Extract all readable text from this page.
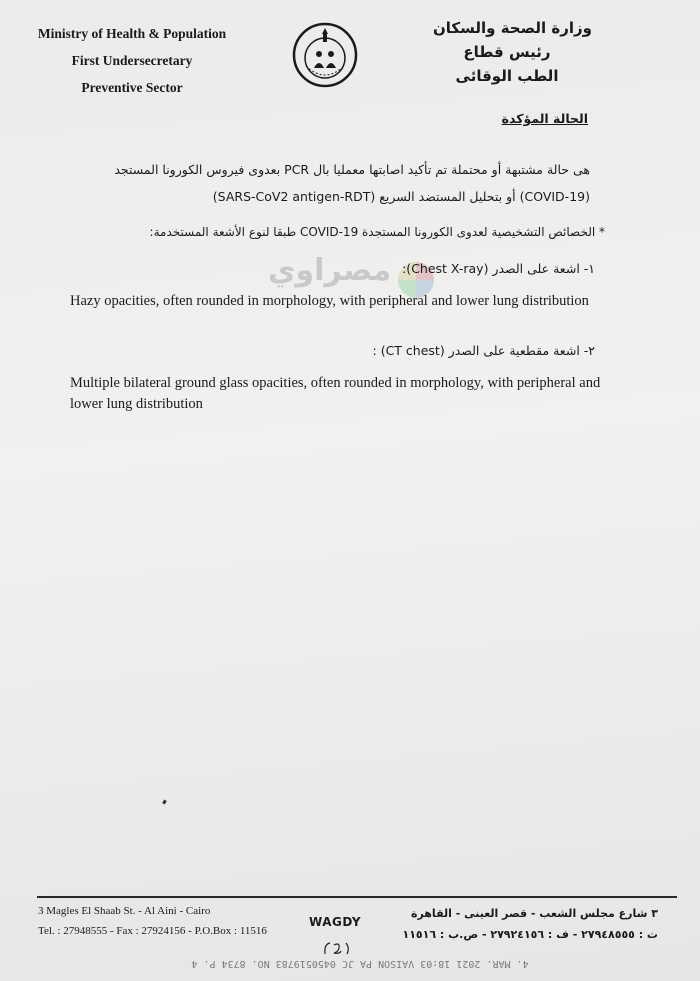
Ministry of Health & Population
First Undersecretary
Preventive Sector
وزارة الصحة والسكان
رئيس قطاع
الطب الوقائى
الحالة المؤكدة
هى حالة مشتبهة أو محتملة تم تأكيد اصابتها معمليا بال PCR بعدوى فيروس الكورونا المستجد
(COVID-19) أو بتحليل المستضد السريع (SARS-CoV2 antigen-RDT)
* الخصائص التشخيصية لعدوى الكورونا المستجدة COVID-19 طبقا لنوع الأشعة المستخدمة:
مصراوي ١- اشعة على الصدر (Chest X-ray):
Hazy opacities, often rounded in morphology, with peripheral and lower lung distribution
٢- اشعة مقطعية على الصدر (CT chest) :
Multiple bilateral ground glass opacities, often rounded in morphology, with peripheral and lower lung distribution
3 Magles El Shaab St. - Al Aini - Cairo
Tel. : 27948555 - Fax : 27924156 - P.O.Box : 11516
WAGDY
٣ شارع مجلس الشعب - قصر العينى - القاهرة
ت : ٢٧٩٤٨٥٥٥ - ف : ٢٧٩٢٤١٥٦ - ص.ب : ١١٥١٦
4. MAR. 2021 18:03 VAISON PA JC 0450519783 NO. 8734 P. 4
